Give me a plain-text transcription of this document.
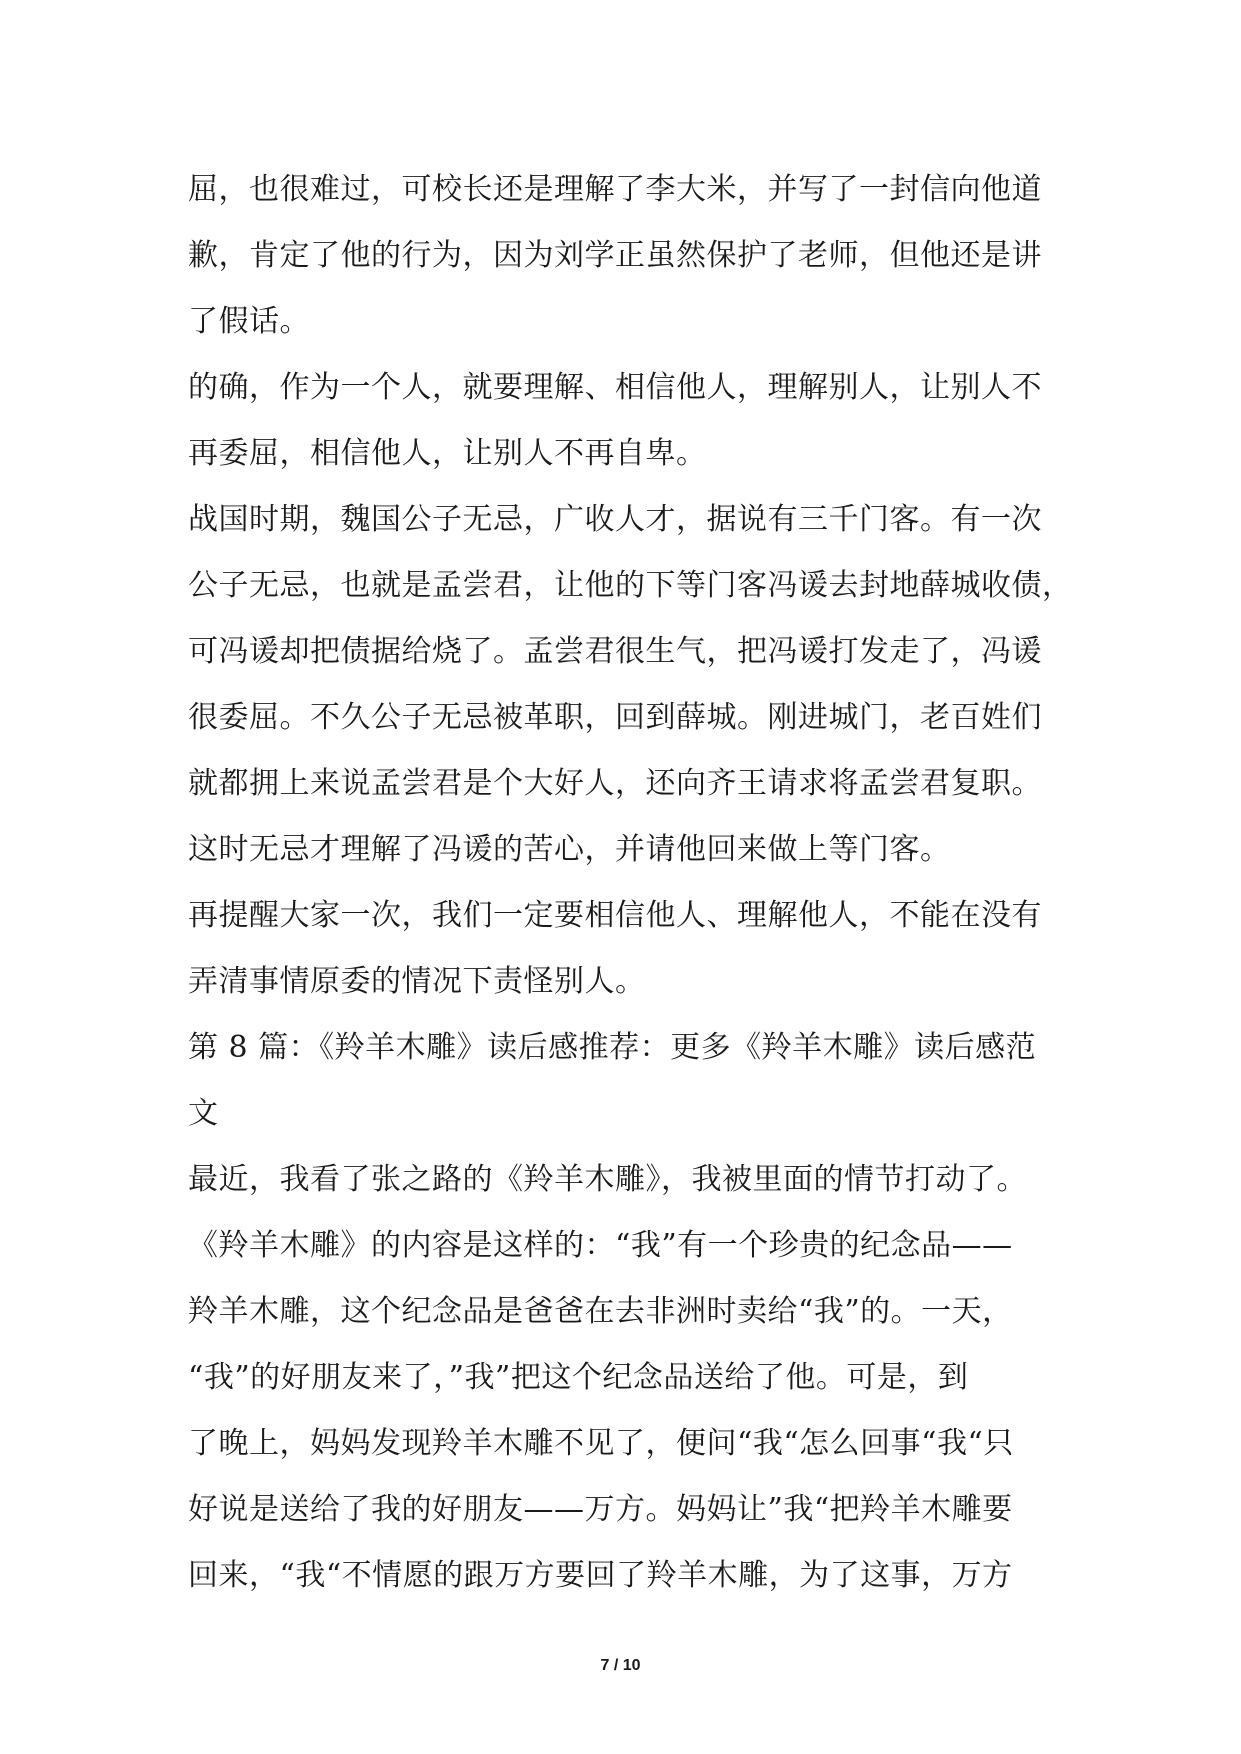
屈，也很难过，可校长还是理解了李大米，并写了一封信向他道
歉，肯定了他的行为，因为刘学正虽然保护了老师，但他还是讲
了假话。
的确，作为一个人，就要理解、相信他人，理解别人，让别人不
再委屈，相信他人，让别人不再自卑。
战国时期，魏国公子无忌，广收人才，据说有三千门客。有一次
公子无忌，也就是孟尝君，让他的下等门客冯谖去封地薛城收债，
可冯谖却把债据给烧了。孟尝君很生气，把冯谖打发走了，冯谖
很委屈。不久公子无忌被革职，回到薛城。刚进城门，老百姓们
就都拥上来说孟尝君是个大好人，还向齐王请求将孟尝君复职。
这时无忌才理解了冯谖的苦心，并请他回来做上等门客。
再提醒大家一次，我们一定要相信他人、理解他人，不能在没有
弄清事情原委的情况下责怪别人。
第 8 篇：《羚羊木雕》读后感推荐：更多《羚羊木雕》读后感范
文
最近，我看了张之路的《羚羊木雕》，我被里面的情节打动了。
《羚羊木雕》的内容是这样的：“我”有一个珍贵的纪念品——
羚羊木雕，这个纪念品是爸爸在去非洲时卖给“我”的。一天，
“我”的好朋友来了，”我”把这个纪念品送给了他。可是，到
了晚上，妈妈发现羚羊木雕不见了，便问“我“怎么回事“我“只
好说是送给了我的好朋友——万方。妈妈让”我“把羚羊木雕要
回来，“我“不情愿的跟万方要回了羚羊木雕，为了这事，万方
7 / 10
